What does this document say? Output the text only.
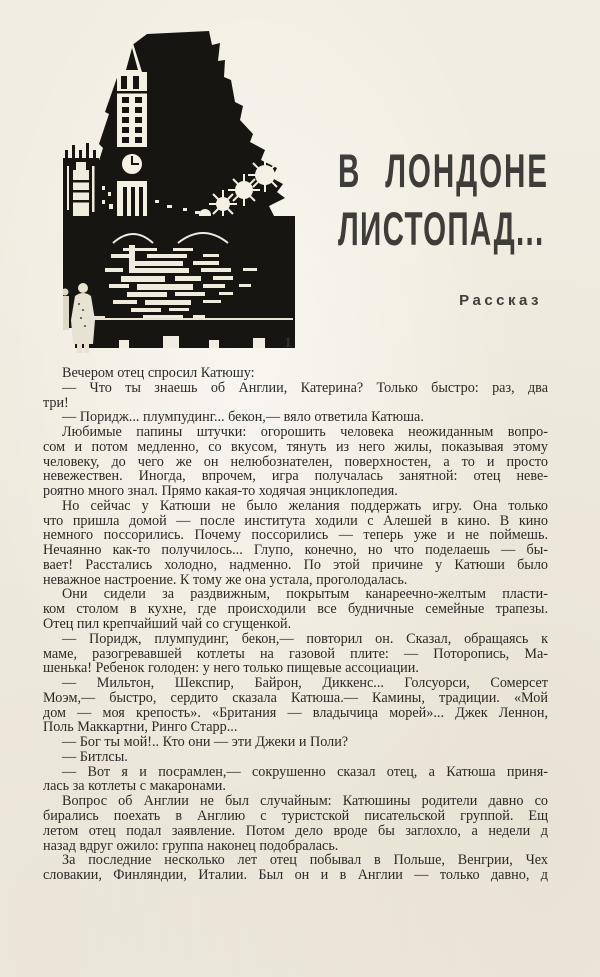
В ЛОНДОНЕ
ЛИСТОПАД...
Рассказ
1
Вечером отец спросил Катюшу:
— Что ты знаешь об Англии, Катерина? Только быстро: раз, два
три!
— Поридж... плумпудинг... бекон,— вяло ответила Катюша.
Любимые папины штучки: огорошить человека неожиданным вопро-
сом и потом медленно, со вкусом, тянуть из него жилы, показывая этому
человеку, до чего же он нелюбознателен, поверхностен, а то и просто
невежествен. Иногда, впрочем, игра получалась занятной: отец неве-
роятно много знал. Прямо какая-то ходячая энциклопедия.
Но сейчас у Катюши не было желания поддержать игру. Она только
что пришла домой — после института ходили с Алешей в кино. В кино
немного поссорились. Почему поссорились — теперь уже и не поймешь.
Нечаянно как-то получилось... Глупо, конечно, но что поделаешь — бы-
вает! Расстались холодно, надменно. По этой причине у Катюши было
неважное настроение. К тому же она устала, проголодалась.
Они сидели за раздвижным, покрытым канареечно-желтым пласти-
ком столом в кухне, где происходили все будничные семейные трапезы.
Отец пил крепчайший чай со сгущенкой.
— Поридж, плумпудинг, бекон,— повторил он. Сказал, обращаясь к
маме, разогревавшей котлеты на газовой плите: — Поторопись, Ма-
шенька! Ребенок голоден: у него только пищевые ассоциации.
— Мильтон, Шекспир, Байрон, Диккенс... Голсуорси, Сомерсет
Моэм,— быстро, сердито сказала Катюша.— Камины, традиции. «Мой
дом — моя крепость». «Британия — владычица морей»... Джек Леннон,
Поль Маккартни, Ринго Старр...
— Бог ты мой!.. Кто они — эти Джеки и Поли?
— Битлсы.
— Вот я и посрамлен,— сокрушенно сказал отец, а Катюша приня-
лась за котлеты с макаронами.
Вопрос об Англии не был случайным: Катюшины родители давно со
бирались поехать в Англию с туристской писательской группой. Ещ
летом отец подал заявление. Потом дело вроде бы заглохло, а недели д
назад вдруг ожило: группа наконец подобралась.
За последние несколько лет отец побывал в Польше, Венгрии, Чех
словакии, Финляндии, Италии. Был он и в Англии — только давно, д
